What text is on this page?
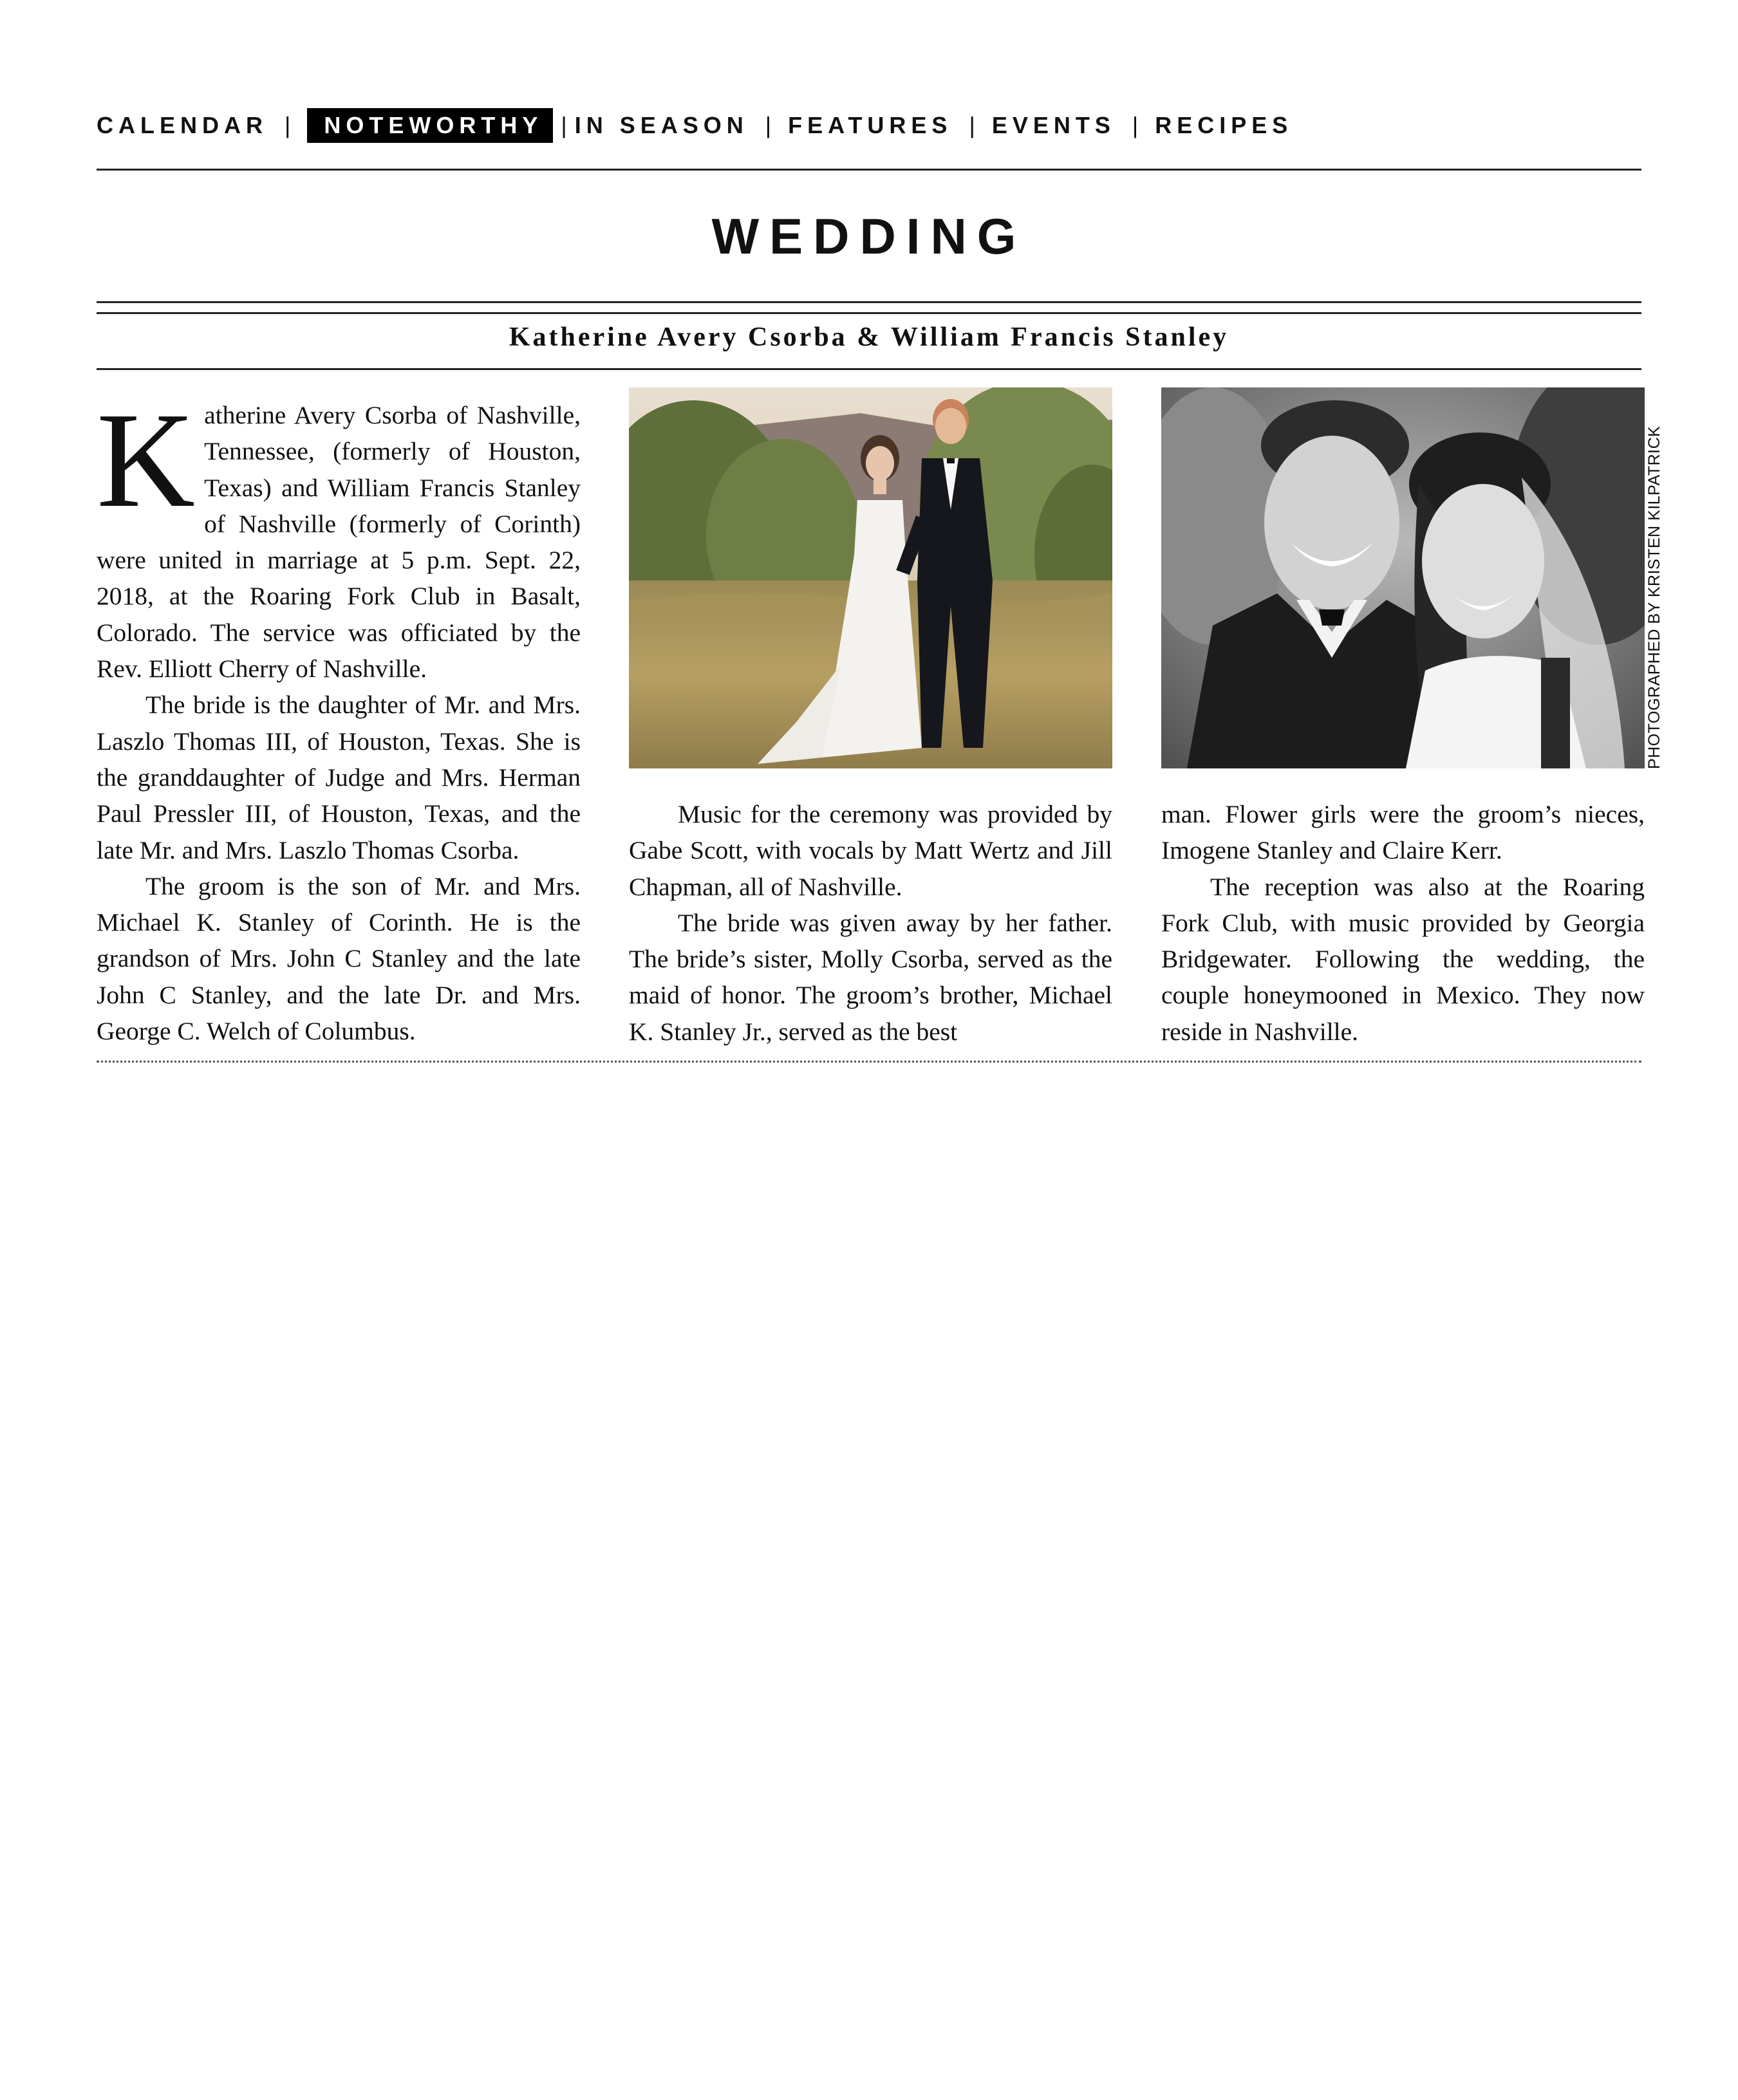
CALENDAR |	NOTEWORTHY | IN SEASON | FEATURES | EVENTS | RECIPES
WEDDING
Katherine Avery Csorba & William Francis Stanley

Katherine Avery Csorba of Nashville, Tennessee, (formerly of Houston, Texas) and William Francis Stanley of Nashville (formerly of Corinth) were united in marriage at 5 p.m. Sept. 22, 2018, at the Roaring Fork Club in Basalt, Colorado. The service was officiated by the Rev. Elliott Cherry of Nashville.

The bride is the daughter of Mr. and Mrs. Laszlo Thomas III, of Houston, Texas. She is the granddaughter of Judge and Mrs. Herman Paul Pressler III, of Houston, Texas, and the late Mr. and Mrs. Laszlo Thomas Csorba.

The groom is the son of Mr. and Mrs. Michael K. Stanley of Corinth. He is the grandson of Mrs. John C Stanley and the late John C Stanley, and the late Dr. and Mrs. George C. Welch of Columbus.

Music for the ceremony was provided by Gabe Scott, with vocals by Matt Wertz and Jill Chapman, all of Nashville.

The bride was given away by her father. The bride’s sister, Molly Csorba, served as the maid of honor. The groom’s brother, Michael K. Stanley Jr., served as the best

man. Flower girls were the groom’s nieces, Imogene Stanley and Claire Kerr.

The reception was also at the Roaring Fork Club, with music provided by Georgia Bridgewater. Following the wedding, the couple honeymooned in Mexico. They now reside in Nashville.

PHOTOGRAPHED BY KRISTEN KILPATRICK
